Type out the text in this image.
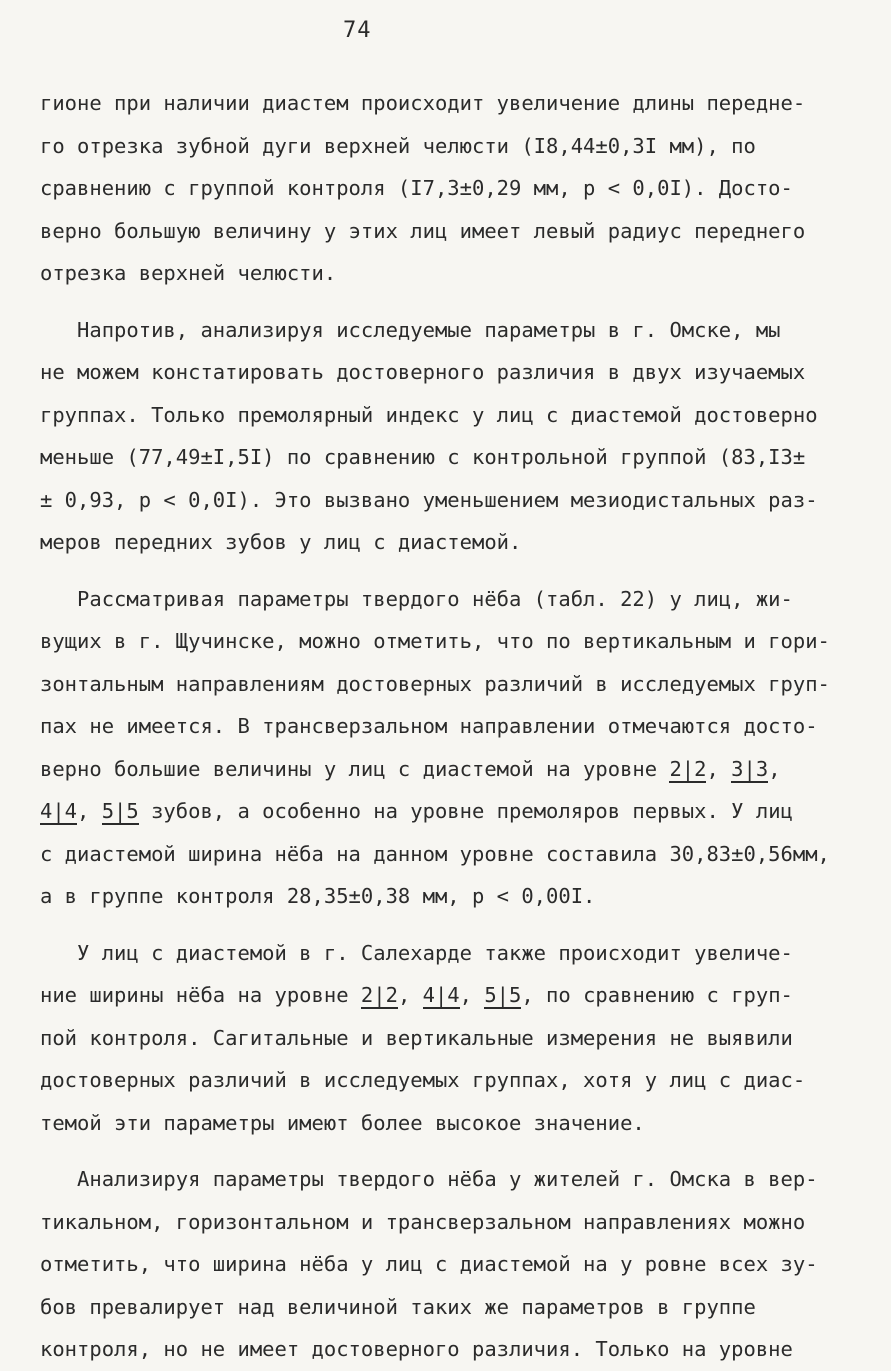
74
гионе при наличии диастем происходит увеличение длины передне-
го отрезка зубной дуги верхней челюсти (I8,44±0,3I мм), по
сравнению с группой контроля (I7,3±0,29 мм, р < 0,0I). Досто-
верно большую величину у этих лиц имеет левый радиус переднего
отрезка верхней челюсти.
Напротив, анализируя исследуемые параметры в г. Омске, мы
не можем констатировать достоверного различия в двух изучаемых
группах. Только премолярный индекс у лиц с диастемой достоверно
меньше (77,49±I,5I) по сравнению с контрольной группой (83,I3±
± 0,93, р < 0,0I). Это вызвано уменьшением мезиодистальных раз-
меров передних зубов у лиц с диастемой.
Рассматривая параметры твердого нёба (табл. 22) у лиц, жи-
вущих в г. Щучинске, можно отметить, что по вертикальным и гори-
зонтальным направлениям достоверных различий в исследуемых груп-
пах не имеется. В трансверзальном направлении отмечаются досто-
верно большие величины у лиц с диастемой на уровне 2|2, 3|3,
4|4, 5|5 зубов, а особенно на уровне премоляров первых. У лиц
с диастемой ширина нёба на данном уровне составила 30,83±0,56мм,
а в группе контроля 28,35±0,38 мм, р < 0,00I.
У лиц с диастемой в г. Салехарде также происходит увеличе-
ние ширины нёба на уровне 2|2, 4|4, 5|5, по сравнению с груп-
пой контроля. Сагитальные и вертикальные измерения не выявили
достоверных различий в исследуемых группах, хотя у лиц с диас-
темой эти параметры имеют более высокое значение.
Анализируя параметры твердого нёба у жителей г. Омска в вер-
тикальном, горизонтальном и трансверзальном направлениях можно
отметить, что ширина нёба у лиц с диастемой на у ровне всех зу-
бов превалирует над величиной таких же параметров в группе
контроля, но не имеет достоверного различия. Только на уровне
